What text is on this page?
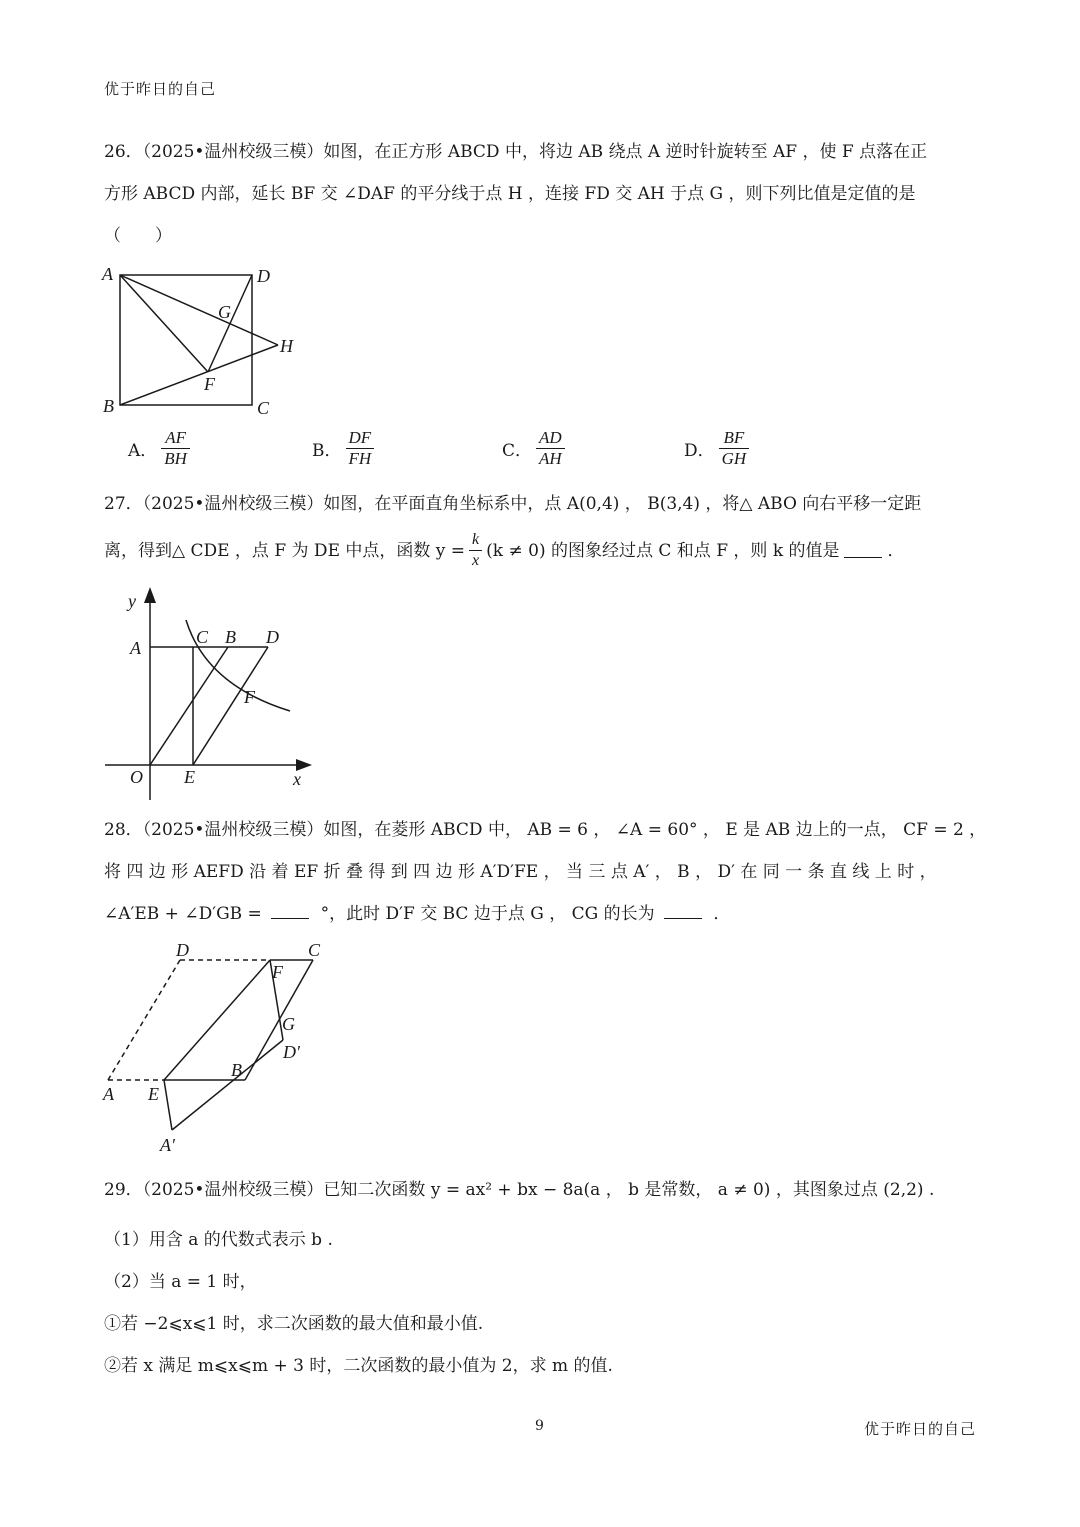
优于昨日的自己
26．（2025•温州校级三模）如图，在正方形 ABCD 中，将边 AB 绕点 A 逆时针旋转至 AF ，使 F 点落在正
方形 ABCD 内部，延长 BF 交 ∠DAF 的平分线于点 H ，连接 FD 交 AH 于点 G ，则下列比值是定值的是
（　　）
A	D
G
H
F
B	C
A． $\frac{AF}{BH}$	B． $\frac{DF}{FH}$	C． $\frac{AD}{AH}$	D． $\frac{BF}{GH}$
27．（2025•温州校级三模）如图，在平面直角坐标系中，点 A(0,4) ， B(3,4) ，将△ ABO 向右平移一定距
离，得到△ CDE ，点 F 为 DE 中点，函数 $y = \frac{k}{x} (k \ne 0)$ 的图象经过点 C 和点 F ，则 k 的值是	．
y
A
C B D
F
O E	x
28．（2025•温州校级三模）如图，在菱形 ABCD 中， AB = 6 ， ∠A = 60° ， E 是 AB 边上的一点， CF = 2 ，
将 四 边 形 AEFD 沿 着 EF 折 叠 得 到 四 边 形 A′D′FE ， 当 三 点 A′ ， B ， D′ 在 同 一 条 直 线 上 时 ，
∠A′EB + ∠D′GB =	°，此时 D′F 交 BC 边于点 G ， CG 的长为	．
D	C
F
G
D′
B
A E
A′
29．（2025•温州校级三模）已知二次函数 y = ax² + bx − 8a(a ， b 是常数， a ≠ 0) ，其图象过点 (2,2) .
（1）用含 a 的代数式表示 b .
（2）当 a = 1 时，
①若 −2⩽x⩽1 时，求二次函数的最大值和最小值.
②若 x 满足 m⩽x⩽m + 3 时，二次函数的最小值为 2，求 m 的值.
9	优于昨日的自己
